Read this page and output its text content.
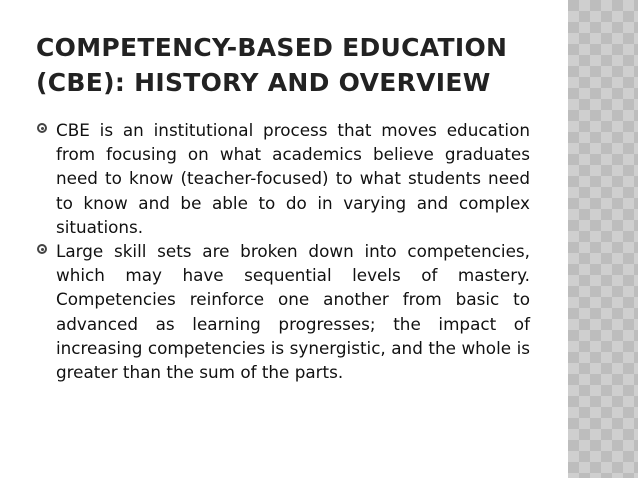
COMPETENCY-BASED EDUCATION (CBE): HISTORY AND OVERVIEW
CBE is an institutional process that moves education from focusing on what academics believe graduates need to know (teacher-focused) to what students need to know and be able to do in varying and complex situations.
Large skill sets are broken down into competencies, which may have sequential levels of mastery. Competencies reinforce one another from basic to advanced as learning progresses; the impact of increasing competencies is synergistic, and the whole is greater than the sum of the parts.
